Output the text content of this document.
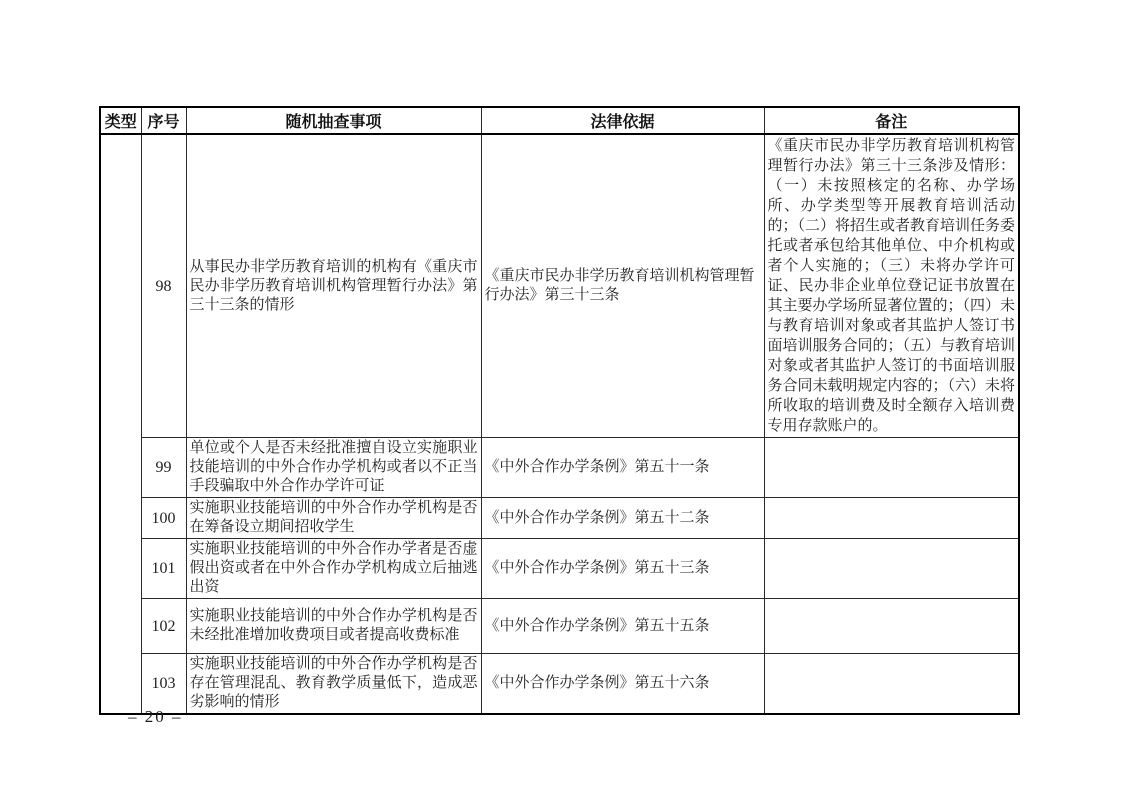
类型	序号	随机抽查事项	法律依据	备注
	98	从事民办非学历教育培训的机构有《重庆市民办非学历教育培训机构管理暂行办法》第三十三条的情形	《重庆市民办非学历教育培训机构管理暂行办法》第三十三条	《重庆市民办非学历教育培训机构管理暂行办法》第三十三条涉及情形：（一）未按照核定的名称、办学场所、办学类型等开展教育培训活动的；（二）将招生或者教育培训任务委托或者承包给其他单位、中介机构或者个人实施的；（三）未将办学许可证、民办非企业单位登记证书放置在其主要办学场所显著位置的；（四）未与教育培训对象或者其监护人签订书面培训服务合同的；（五）与教育培训对象或者其监护人签订的书面培训服务合同未载明规定内容的；（六）未将所收取的培训费及时全额存入培训费专用存款账户的。
	99	单位或个人是否未经批准擅自设立实施职业技能培训的中外合作办学机构或者以不正当手段骗取中外合作办学许可证	《中外合作办学条例》第五十一条	
	100	实施职业技能培训的中外合作办学机构是否在筹备设立期间招收学生	《中外合作办学条例》第五十二条	
	101	实施职业技能培训的中外合作办学者是否虚假出资或者在中外合作办学机构成立后抽逃出资	《中外合作办学条例》第五十三条	
	102	实施职业技能培训的中外合作办学机构是否未经批准增加收费项目或者提高收费标准	《中外合作办学条例》第五十五条	
	103	实施职业技能培训的中外合作办学机构是否存在管理混乱、教育教学质量低下，造成恶劣影响的情形	《中外合作办学条例》第五十六条	
– 20 –
